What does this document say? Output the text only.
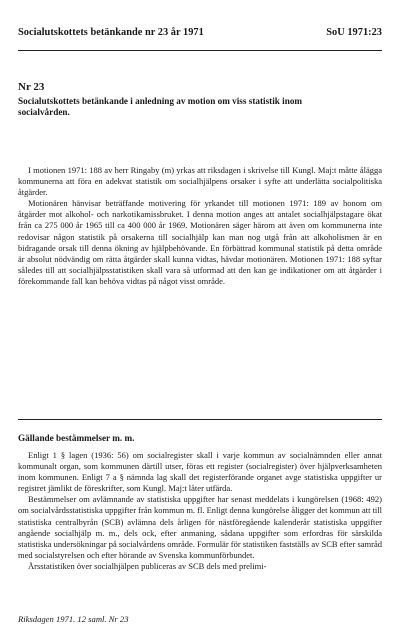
Socialutskottets betänkande nr 23 år 1971	SoU 1971:23
Nr 23
Socialutskottets betänkande i anledning av motion om viss statistik inom socialvården.

I motionen 1971: 188 av herr Ringaby (m) yrkas att riksdagen i skrivelse till Kungl. Maj:t måtte ålägga kommunerna att föra en adekvat statistik om socialhjälpens orsaker i syfte att underlätta socialpolitiska åtgärder.

Motionären hänvisar beträffande motivering för yrkandet till motionen 1971: 189 av honom om åtgärder mot alkohol- och narkotikamissbruket. I denna motion anges att antalet socialhjälpstagare ökat från ca 275 000 år 1965 till ca 400 000 år 1969. Motionären säger härom att även om kommunerna inte redovisar någon statistik på orsakerna till socialhjälp kan man nog utgå från att alkoholismen är en bidragande orsak till denna ökning av hjälpbehövande. En förbättrad kommunal statistik på detta område är absolut nödvändig om rätta åtgärder skall kunna vidtas, hävdar motionären. Motionen 1971: 188 syftar således till att socialhjälpsstatistiken skall vara så utformad att den kan ge indikationer om att åtgärder i förekommande fall kan behöva vidtas på något visst område.

Gällande bestämmelser m. m.

Enligt 1 § lagen (1936: 56) om socialregister skall i varje kommun av socialnämnden eller annat kommunalt organ, som kommunen därtill utser, föras ett register (socialregister) över hjälpverksamheten inom kommunen. Enligt 7 a § nämnda lag skall det registerförande organet avge statistiska uppgifter ur registret jämlikt de föreskrifter, som Kungl. Maj:t låter utfärda.

Bestämmelser om avlämnande av statistiska uppgifter har senast meddelats i kungörelsen (1968: 492) om socialvårdsstatistiska uppgifter från kommun m. fl. Enligt denna kungörelse åligger det kommun att till statistiska centralbyrån (SCB) avlämna dels årligen för nästföregående kalenderår statistiska uppgifter angående socialhjälp m. m., dels ock, efter anmaning, sådana uppgifter som erfordras för särskilda statistiska undersökningar på socialvårdens område. Formulär för statistiken fastställs av SCB efter samråd med socialstyrelsen och efter hörande av Svenska kommunförbundet.

Årsstatistiken över socialhjälpen publiceras av SCB dels med prelimi-

Riksdagen 1971. 12 saml. Nr 23
